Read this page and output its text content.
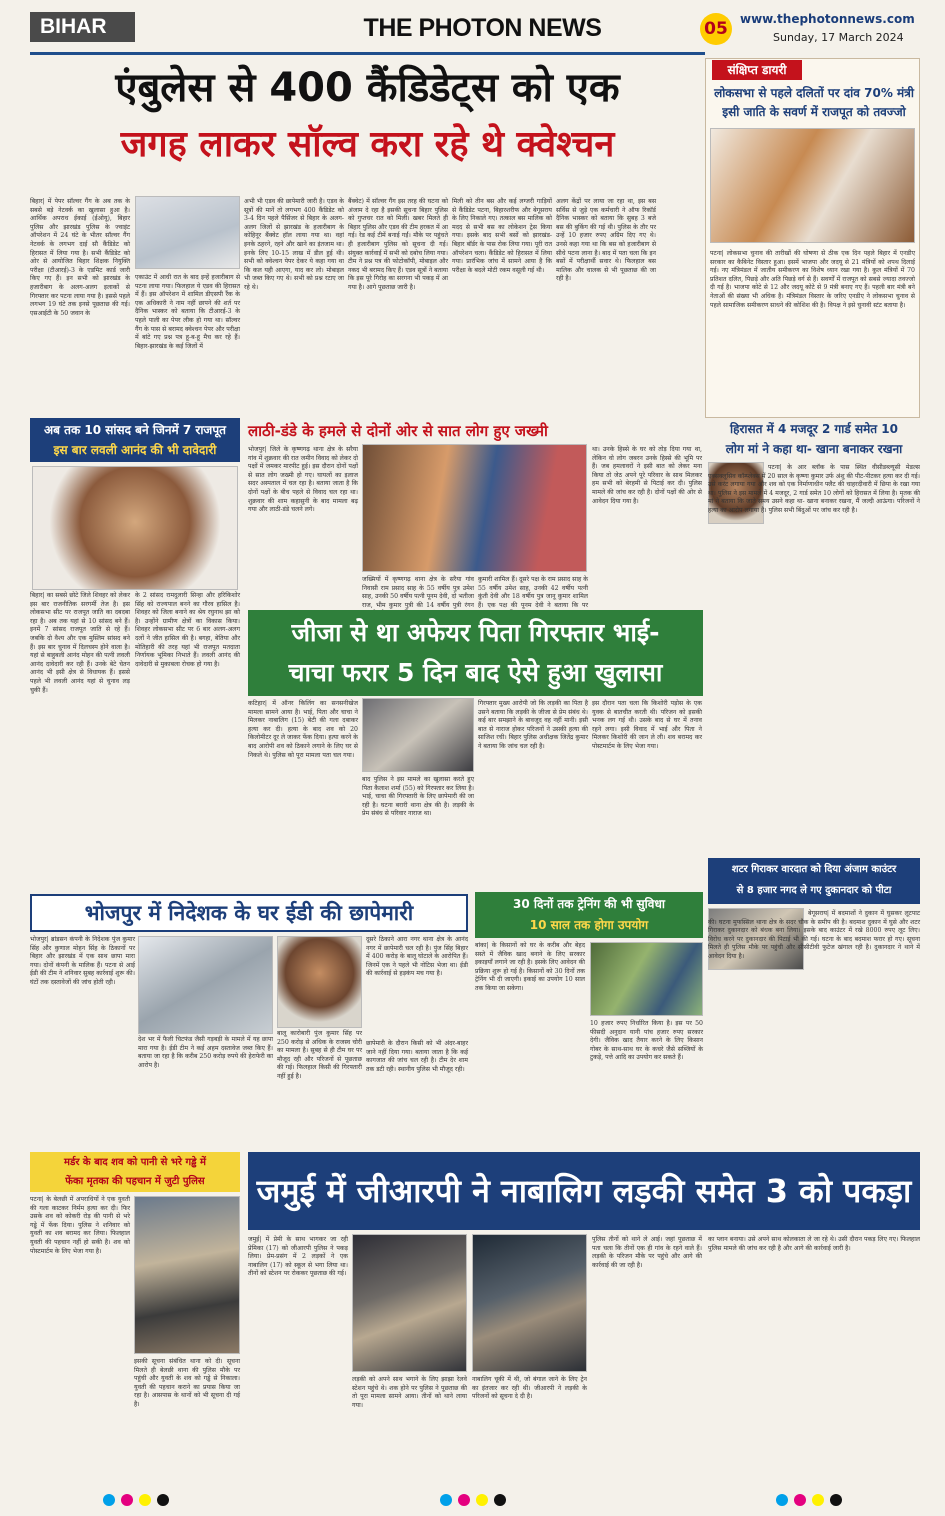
BIHAR	THE PHOTON NEWS	05	www.thephotonnews.com
Sunday, 17 March 2024
एंबुलेस से 400 कैंडिडेट्स को एक
जगह लाकर सॉल्व करा रहे थे क्वेश्चन
बिहार| में पेपर सॉल्वर गैंग के अब तक के सबसे बड़े नेटवर्क का खुलासा हुआ है। आर्थिक अपराध ईकाई (ईओयू), बिहार पुलिस और झारखंड पुलिस के ज्वाइंट ऑपरेशन में 24 घंटे के भीतर सॉल्वर गैंग नेटवर्क के लगभग दाई सौ कैंडिडेट को हिरासत में लिया गया है। सभी कैंडिडेट को ओर से आयोजित बिहार शिक्षक नियुक्ति परीक्षा (टीआरई)-3 के एडमिट कार्ड जारी किए गए हैं। इन सभी को झारखंड के हजारीबाग के अलग-अलग इलाकों से गिरफ्तार कर पटना लाया गया है। इससे पहले लगभग 19 घंटे तक इनसे पूछताछ की गई। एसआईटी के 50 जवान के
एकाउंट में आधी रात के बाद इन्हें हजारीबाग से पटना लाया गया। फिलहाल ये एडव की हिरासत में हैं। इस ऑपरेशन में शामिल डीएसपी रैंक के एक अधिकारी ने नाम नहीं छापने की शर्त पर दैनिक भास्कर को बताया कि टीआरई-3 के पहले पाली का पेपर लीक हो गया था। सॉल्वर गैंग के पास से बरामद क्वेश्चन पेपर और परीक्षा में बांटे गए प्रश्न पत्र हू-ब-हू मैच कर रहे हैं। बिहार-झारखंड के कई जिलों में
अभी भी एडव की छापेमारी जारी है। एडव के सूत्रों की मानें तो लगभग 400 कैंडिडेट को 3-4 दिन पहले पैसिंजर से बिहार के अलग-अलग जिलों से झारखंड के हजारीबाग के कोहिनूर बैंक्वेट हॉल लाया गया था। वहां इनके ठहरने, रहने और खाने का इंतजाम था। इनके लिए 10-15 लाख में डील हुई थी। सभी को क्वेश्चन पेपर देकर ये कहा गया था कि कल यही आएगा, याद कर लो। मोबाइल भी जब्त किए गए थे। सभी को प्रश्न रटाए जा रहे थे।
बैंक्वेट) में सॉल्वर गैंग इस तरह की घटना को अंजाम दे रहा है इसकी सूचना बिहार पुलिस को गुप्तचर रात को मिली। खबर मिलते ही बिहार पुलिस और एडव की टीम हरकत में आ गई। रेड कई टीमें बनाई गईं। मौके पर पहुंचते ही हजारीबाग पुलिस को सूचना दी गई। संयुक्त कार्रवाई में सभी को दबोच लिया गया। टीम ने प्रश्न पत्र की फोटोकॉपी, मोबाइल और नकद भी बरामद किए हैं। एडव सूत्रों ने बताया कि इस पूरे गिरोह का सरगना भी पकड़ में आ गया है। आगे पूछताछ जारी है।
मिली को तीन बस और कई लग्जरी गाड़ियों से कैंडिडेट पटना, बिहारशरीफ और बेगूसराय के लिए निकाले गए। तत्काल बस मालिक को मदद से सभी बस का लोकेशन ट्रेस किया गया। इसके बाद सभी बसों को झारखंड-बिहार बॉर्डर के पास रोक लिया गया। पूरी रात ऑपरेशन चला। कैंडिडेट को हिरासत में लिया गया। प्रारंभिक जांच में सामने आया है कि परीक्षा के बदले मोटी रकम वसूली गई थी।
अलग केंद्रों पर लाया जा रहा था, इस बस सर्विस से जुड़े एक कर्मचारी ने ऑफ रिकॉर्ड दैनिक भास्कर को बताया कि सुबह 3 बजे बस की बुकिंग की गई थी। पुलिस के तौर पर उन्हें 10 हजार रुपए अग्रिम दिए गए थे। उनसे कहा गया था कि बस को हजारीबाग से सीधे पटना लाना है। बाद में पता चला कि इन बसों में परीक्षार्थी सवार थे। फिलहाल बस मालिक और चालक से भी पूछताछ की जा रही है।
संक्षिप्त डायरी
लोकसभा से पहले दलितों पर दांव 70% मंत्री इसी जाति के सवर्ण में राजपूत को तवज्जो
पटना| लोकसभा चुनाव की तारीखों की घोषणा से ठीक एक दिन पहले बिहार में एनडीए सरकार का कैबिनेट विस्तार हुआ। इसमें भाजपा और जदयू से 21 मंत्रियों को शपथ दिलाई गई। नए मंत्रिमंडल में जातीय समीकरण का विशेष ध्यान रखा गया है। कुल मंत्रियों में 70 प्रतिशत दलित, पिछड़े और अति पिछड़े वर्ग से हैं। सवर्णों में राजपूत को सबसे ज्यादा तवज्जो दी गई है। भाजपा कोटे से 12 और जदयू कोटे से 9 मंत्री बनाए गए हैं। पहली बार मंत्री बने नेताओं की संख्या भी अधिक है। मंत्रिमंडल विस्तार के जरिए एनडीए ने लोकसभा चुनाव से पहले सामाजिक समीकरण साधने की कोशिश की है। विपक्ष ने इसे चुनावी स्टंट बताया है।
अब तक 10 सांसद बने जिनमें 7 राजपूत
इस बार लवली आनंद की भी दावेदारी
बिहार| का सबसे छोटे जिले शिवहर को लेकर इस बार राजनीतिक सरगर्मी तेज है। इस लोकसभा सीट पर राजपूत जाति का दबदबा रहा है। अब तक यहां से 10 सांसद बने हैं। इनमें 7 सांसद राजपूत जाति से रहे हैं। जबकि दो वैश्य और एक मुस्लिम सांसद बने हैं। इस बार चुनाव में दिलचस्प होने वाला है। यहां से बाहुबली आनंद मोहन की पत्नी लवली आनंद दावेदारी कर रही हैं। उनके बेटे चेतन आनंद भी इसी क्षेत्र से विधायक हैं। इससे पहले भी लवली आनंद यहां से चुनाव लड़ चुकी हैं।
के 2 सांसद रामदुलारी सिन्हा और हरिकिशोर सिंह को राज्यपाल बनने का गौरव हासिल है। शिवहर को जिला बनाने का श्रेय रघुनाथ झा को है। उन्होंने ग्रामीण क्षेत्रों का विकास किया। शिवहर लोकसभा सीट पर 6 बार अलग-अलग दलों ने जीत हासिल की है। बगहा, बेतिया और मोतिहारी की तरह यहां भी राजपूत मतदाता निर्णायक भूमिका निभाते हैं। लवली आनंद की दावेदारी से मुकाबला रोचक हो गया है।
लाठी-डंडे के हमले से दोनों ओर से सात लोग हुए जख्मी
भोजपुर| जिले के कृष्णगढ़ थाना क्षेत्र के सरैया गांव में शुक्रवार की रात जमीन विवाद को लेकर दो पक्षों में जमकर मारपीट हुई। इस दौरान दोनों पक्षों से सात लोग जख्मी हो गए। घायलों का इलाज सदर अस्पताल में चल रहा है। बताया जाता है कि दोनों पक्षों के बीच पहले से विवाद चल रहा था। शुक्रवार की शाम कहासुनी के बाद मामला बढ़ गया और लाठी-डंडे चलने लगे।
जख्मियों में कृष्णगढ़ थाना क्षेत्र के सरैया गांव निवासी राम प्रसाद साह के 55 वर्षीय पुत्र उमेश साह, उनकी 50 वर्षीय पत्नी पूनम देवी, दो भतीजा राज, भीम कुमार पुत्री की 14 वर्षीय पुत्री रंगन
कुमारी शामिल हैं। दूसरे पक्ष के राम प्रसाद साह के 55 वर्षीय उमेश साह, उनकी 42 वर्षीय पत्नी कुंती देवी और 18 वर्षीय पुत्र जानू कुमार शामिल हैं। एक पक्ष की पूनम देवी ने बताया कि पर
था। उनके हिस्से के घर को तोड़ दिया गया था, लेकिन वो लोग जबरन उनके हिस्से की भूमि पर हैं। जब हमलावरों ने इसी बात को लेकर मना किया तो जेठ अपने पूरे परिवार के साथ मिलकर हम सभी को बेरहमी से पिटाई कर दी। पुलिस मामले की जांच कर रही है। दोनों पक्षों की ओर से आवेदन दिया गया है।
जीजा से था अफेयर पिता गिरफ्तार भाई-
चाचा फरार 5 दिन बाद ऐसे हुआ खुलासा
कटिहार| में ऑनर किलिंग का सनसनीखेज मामला सामने आया है। भाई, पिता और चाचा ने मिलकर नाबालिग (15) बेटी की गला दबाकर हत्या कर दी। हत्या के बाद शव को 20 किलोमीटर दूर ले जाकर फेंक दिया। हत्या करने के बाद आरोपी शव को ठिकाने लगाने के लिए घर से निकले थे। पुलिस को पूरा मामला पता चल गया।
बाद पुलिस ने इस मामले का खुलासा करते हुए पिता कैलाश शर्मा (55) को गिरफ्तार कर लिया है। भाई, चाचा की गिरफ्तारी के लिए छापेमारी की जा रही है। घटना बरारी थाना क्षेत्र की है। लड़की के प्रेम संबंध से परिवार नाराज था।
गिरफ्तार मुख्य आरोपी जो कि लड़की का पिता है उसने बताया कि लड़की के जीजा से प्रेम संबंध थे। कई बार समझाने के बावजूद वह नहीं मानी। इसी बात से नाराज होकर परिजनों ने उसकी हत्या की साजिश रची। बिहार पुलिस अधीक्षक जितेंद्र कुमार ने बताया कि जांच चल रही है।
इस दौरान पता चला कि किशोरी पड़ोस के एक युवक से बातचीत करती थी। परिजन को इसकी भनक लग गई थी। उसके बाद से घर में तनाव रहने लगा। इसी विवाद में भाई और पिता ने मिलकर किशोरी की जान ले ली। शव बरामद कर पोस्टमार्टम के लिए भेजा गया।
भोजपुर में निदेशक के घर ईडी की छापेमारी
भोजपुर| ब्रांडसन कंपनी के निदेशक पुंज कुमार सिंह और कुणाल मोहन सिंह के ठिकानों पर बिहार और झारखंड में एक साथ छापा मारा गया। दोनों कंपनी के मालिक हैं। पटना से आई ईडी की टीम ने शनिवार सुबह कार्रवाई शुरू की। घंटों तक दस्तावेजों की जांच होती रही।
देश भर में फैली चिटफंड जैसी गड़बड़ी के मामले में यह छापा मारा गया है। ईडी टीम ने कई अहम दस्तावेज जब्त किए हैं। बताया जा रहा है कि करीब 250 करोड़ रुपये की हेराफेरी का आरोप है।
बालू कारोबारी पुंज कुमार सिंह पर 250 करोड़ से अधिक के राजस्व चोरी का मामला है। सुबह से ही टीम घर पर मौजूद रही और परिजनों से पूछताछ की गई। फिलहाल किसी की गिरफ्तारी नहीं हुई है।
दूसरे ठिकाने आरा नगर थाना क्षेत्र के आनंद नगर में छापेमारी चल रही है। पुंज सिंह बिहार में 400 करोड़ के बालू घोटाले के आरोपित हैं। जिनमें एक ने पहले भी नोटिस भेजा था। ईडी की कार्रवाई से हड़कंप मच गया है।
छापेमारी के दौरान किसी को भी अंदर-बाहर जाने नहीं दिया गया। बताया जाता है कि कई कागजात की जांच चल रही है। टीम देर शाम तक डटी रही। स्थानीय पुलिस भी मौजूद रही।
30 दिनों तक ट्रेनिंग की भी सुविधा
10 साल तक होगा उपयोग
बांका| के किसानों को घर के करीब और बेहद सस्ते में जैविक खाद बनाने के लिए सरकार इकाइयाँ लगाने जा रही है। इसके लिए आवेदन की प्रक्रिया शुरू हो गई है। किसानों को 30 दिनों तक ट्रेनिंग भी दी जाएगी। इकाई का उपयोग 10 साल तक किया जा सकेगा।
10 हजार रुपए निर्धारित किया है। इस पर 50 फीसदी अनुदान यानी पांच हजार रुपए सरकार देगी। जैविक खाद तैयार करने के लिए किसान गोबर के साथ-साथ घर के कचरे जैसे सब्जियों के टुकड़े, पत्ते आदि का उपयोग कर सकते हैं।
हिरासत में 4 मजदूर 2 गार्ड समेत 10
लोग मां ने कहा था- खाना बनाकर रखना
पटना| के आर ब्लॉक के पास स्थित वीसीडब्ल्यूसी मेडल्स एक्सक्लूसिव कॉम्प्लेक्स में 20 साल के कृष्णा कुमार उर्फ अंशु की पीट-पीटकर हत्या कर दी गई। उसे करंट लगाया गया और शव को एक निर्माणाधीन फ्लैट की चाहरदीवारी में छिपा के रखा गया था। पुलिस ने इस मामले में 4 मजदूर, 2 गार्ड समेत 10 लोगों को हिरासत में लिया है। मृतक की मां ने बताया कि जाते समय उसने कहा था- खाना बनाकर रखना, मैं जल्दी आऊंगा। परिजनों ने हत्या का आरोप लगाया है। पुलिस सभी बिंदुओं पर जांच कर रही है।
शटर गिराकर वारदात को दिया अंजाम काउंटर
से 8 हजार नगद ले गए दुकानदार को पीटा
बेगूसराय| में बदमाशों ने दुकान में घुसकर लूटपाट की। घटना मुफस्सिल थाना क्षेत्र के सदर चौक के समीप की है। बदमाश दुकान में घुसे और शटर गिराकर दुकानदार को बंधक बना लिया। इसके बाद काउंटर में रखे 8000 रुपए लूट लिए। विरोध करने पर दुकानदार की पिटाई भी की गई। घटना के बाद बदमाश फरार हो गए। सूचना मिलते ही पुलिस मौके पर पहुंची और सीसीटीवी फुटेज खंगाल रही है। दुकानदार ने थाने में आवेदन दिया है।
मर्डर के बाद शव को पानी से भरे गड्ढे में
फेंका मृतका की पहचान में जुटी पुलिस
पटना| के बेलछी में अपराधियों ने एक युवती की गला काटकर निर्मम हत्या कर दी। फिर उसके शव को कोकरी रोड़ की पानी से भरे गड्ढे में फेंक दिया। पुलिस ने शनिवार को युवती का शव बरामद कर लिया। फिलहाल युवती की पहचान नहीं हो सकी है। शव को पोस्टमार्टम के लिए भेजा गया है।
इसकी सूचना संबंधित थाना को दी। सूचना मिलते ही बेलछी थाना की पुलिस मौके पर पहुंची और युवती के शव को गड्ढे से निकाला। युवती की पहचान कराने का प्रयास किया जा रहा है। आसपास के थानों को भी सूचना दी गई है।
जमुई में जीआरपी ने नाबालिग लड़की समेत 3 को पकड़ा
जमुई| में प्रेमी के साथ भागकर जा रही प्रेमिका (17) को जीआरपी पुलिस ने पकड़ लिया। प्रेम-प्रसंग में 2 लड़कों ने एक नाबालिग (17) को स्कूल से भगा लिया था। तीनों को स्टेशन पर रोककर पूछताछ की गई।
लड़की को अपने साथ भगाने के लिए झाझा रेलवे स्टेशन पहुंचे थे। शक होने पर पुलिस ने पूछताछ की तो पूरा मामला सामने आया। तीनों को थाने लाया गया।
नाबालिग चूकी में थी, जो बंगाल जाने के लिए ट्रेन का इंतजार कर रही थी। जीआरपी ने लड़की के परिजनों को सूचना दे दी है।
पुलिस तीनों को थाने ले आई। जहां पूछताछ में पता चला कि तीनों एक ही गांव के रहने वाले हैं। लड़की के परिजन मौके पर पहुंचे और आगे की कार्रवाई की जा रही है।
का प्लान बनाया। उसे अपने साथ कोलकाता ले जा रहे थे। उसी दौरान पकड़ लिए गए। फिलहाल पुलिस मामले की जांच कर रही है और आगे की कार्रवाई जारी है।
